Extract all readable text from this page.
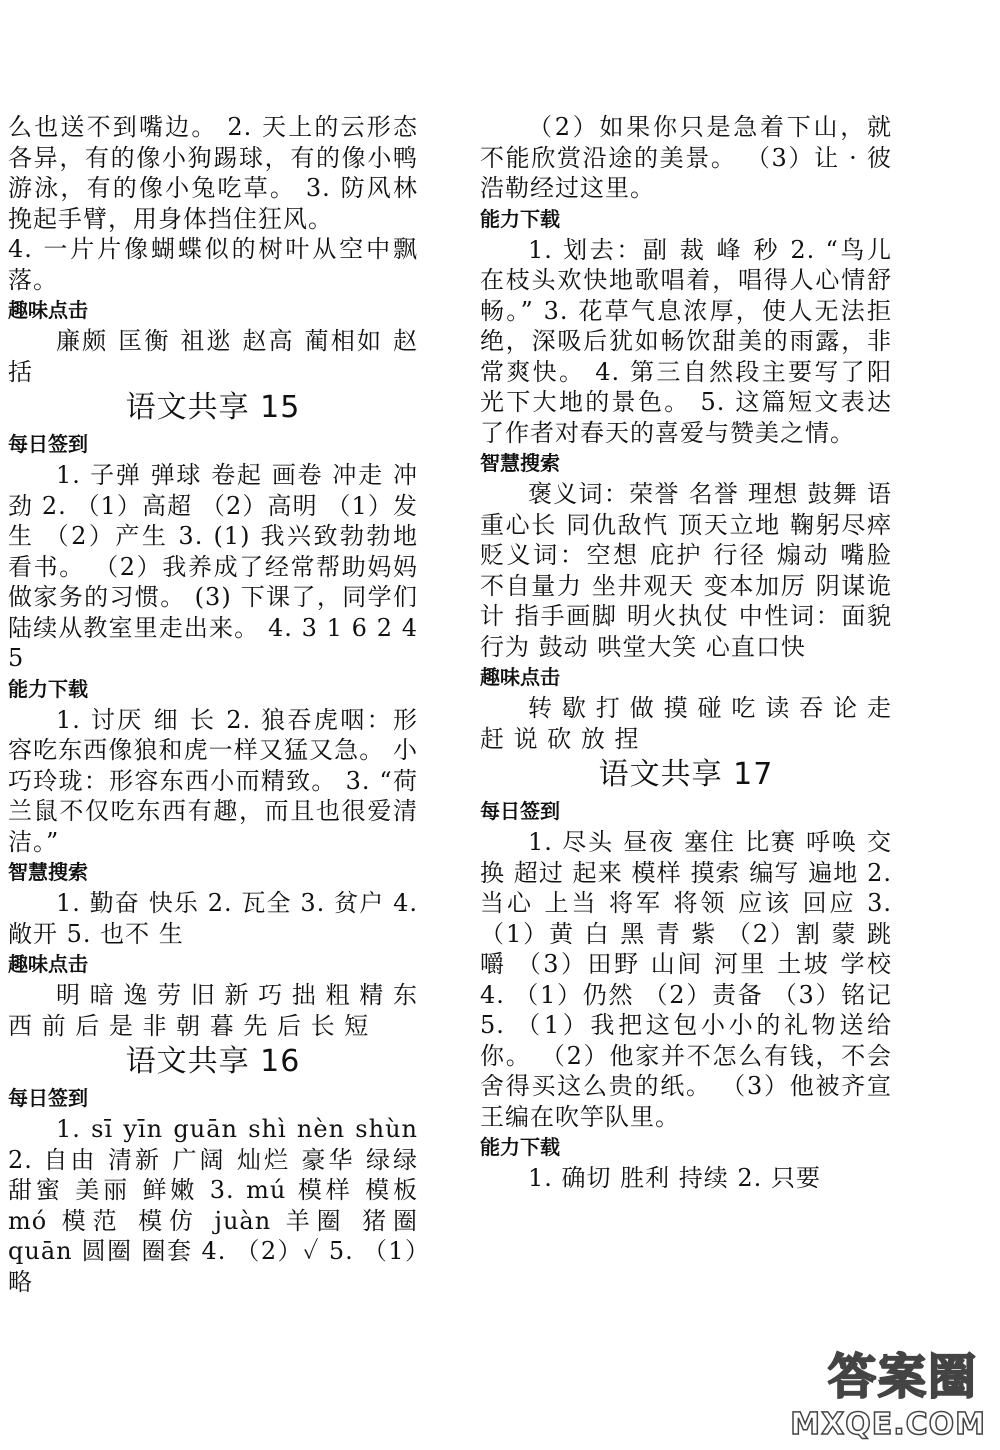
么也送不到嘴边。 2. 天上的云形态各异，有的像小狗踢球，有的像小鸭游泳，有的像小兔吃草。 3. 防风林挽起手臂，用身体挡住狂风。

4. 一片片像蝴蝶似的树叶从空中飘落。

趣味点击

廉颇 匡衡 祖逖 赵高 蔺相如 赵括

语文共享 15

每日签到

1. 子弹 弹球 卷起 画卷 冲走 冲劲 2. （1）高超 （2）高明 （1）发生 （2）产生 3. (1) 我兴致勃勃地看书。 （2）我养成了经常帮助妈妈做家务的习惯。 (3) 下课了，同学们陆续从教室里走出来。 4. 3 1 6 2 4 5

能力下载

1. 讨厌 细 长 2. 狼吞虎咽：形容吃东西像狼和虎一样又猛又急。 小巧玲珑：形容东西小而精致。 3. “荷兰鼠不仅吃东西有趣，而且也很爱清洁。”

智慧搜索

1. 勤奋 快乐 2. 瓦全 3. 贫户 4. 敞开 5. 也不 生

趣味点击

明 暗 逸 劳 旧 新 巧 拙 粗 精 东 西 前 后 是 非 朝 暮 先 后 长 短

语文共享 16

每日签到

1. sī yīn guān shì nèn shùn 2. 自由 清新 广阔 灿烂 豪华 绿绿 甜蜜 美丽 鲜嫩 3. mú 模样 模板 mó 模范 模仿 juàn 羊圈 猪圈 quān 圆圈 圈套 4. （2）✓ 5. （1）略

（2）如果你只是急着下山，就不能欣赏沿途的美景。 （3）让 · 彼浩勒经过这里。

能力下载

1. 划去：副 裁 峰 秒 2. “鸟儿在枝头欢快地歌唱着，唱得人心情舒畅。” 3. 花草气息浓厚，使人无法拒绝，深吸后犹如畅饮甜美的雨露，非常爽快。 4. 第三自然段主要写了阳光下大地的景色。 5. 这篇短文表达了作者对春天的喜爱与赞美之情。

智慧搜索

褒义词：荣誉 名誉 理想 鼓舞 语重心长 同仇敌忾 顶天立地 鞠躬尽瘁 贬义词：空想 庇护 行径 煽动 嘴脸 不自量力 坐井观天 变本加厉 阴谋诡计 指手画脚 明火执仗 中性词：面貌 行为 鼓动 哄堂大笑 心直口快

趣味点击

转 歇 打 做 摸 碰 吃 读 吞 论 走 赶 说 砍 放 捏

语文共享 17

每日签到

1. 尽头 昼夜 塞住 比赛 呼唤 交换 超过 起来 模样 摸索 编写 遍地 2. 当心 上当 将军 将领 应该 回应 3. （1）黄 白 黑 青 紫 （2）割 蒙 跳 嚼 （3）田野 山间 河里 土坡 学校 4. （1）仍然 （2）责备 （3）铭记 5. （1）我把这包小小的礼物送给你。 （2）他家并不怎么有钱，不会舍得买这么贵的纸。 （3）他被齐宣王编在吹竽队里。

能力下载

1. 确切 胜利 持续 2. 只要

答案圈
MXQE.COM
